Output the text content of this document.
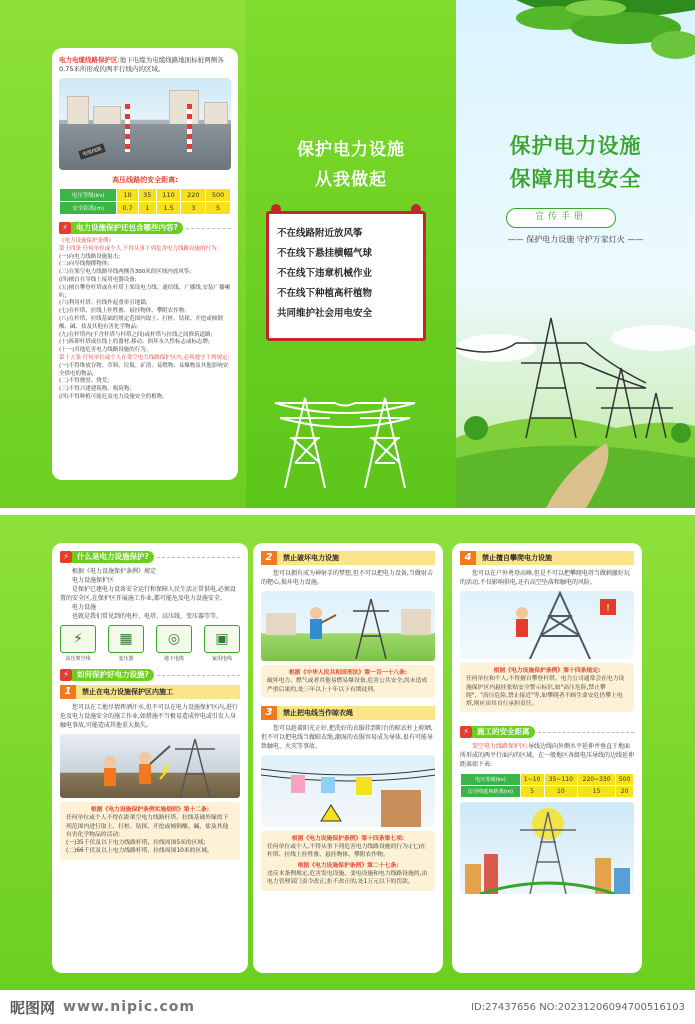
电力电缆线路保护区:地下电缆为电缆线路地面标桩两侧各0.75米所形成的两平行线内的区域。
电缆线路
高压线路的安全距离:
电压等级(kv)	10	35	110	220	500
安全距离(m)	0.7	1	1.5	3	5
⚡	电力设施保护还包含哪些内容?
《电力设施保护条例》
第十四条 任何单位或个人,不得从事下列危害电力线路设施的行为:
(一)向电力线路设施射击;
(二)向导线抛掷物体;
(三)在架空电力线路导线两侧各300米的区域内放风筝;
(四)擅自在导线上接用电器设备;
(五)擅自攀登杆塔或在杆塔上架设电力线、通信线、广播线,安装广播喇叭;
(六)利用杆塔、拉线作起重牵引地锚;
(七)在杆塔、拉线上拴牲畜、悬挂物体、攀附农作物;
(八)在杆塔、拉线基础的规定范围内取土、打桩、钻探、开挖或倾倒酸、碱、盐及其他有害化学物品;
(九)在杆塔内(不含杆塔与杆塔之间)或杆塔与拉线之间修筑道路;
(十)拆卸杆塔或拉线上的器材,移动、损坏永久性标志或标志牌;
(十一)其他危害电力线路设施的行为。
第十五条 任何单位或个人在架空电力线路保护区内,必须遵守下列规定:
(一)不得堆放谷物、草料、垃圾、矿渣、易燃物、易爆物及其他影响安全供电的物品;
(二)不得烧窑、烧荒;
(三)不得兴建建筑物、构筑物;
(四)不得种植可能危及电力设施安全的植物。
保护电力设施
从我做起
不在线路附近放风筝
不在线下悬挂横幅气球
不在线下违章机械作业
不在线下种植高杆植物
共同维护社会用电安全
保护电力设施
保障用电安全
宣传手册
—— 保护电力设施 守护万家灯火 ——
⚡	什么是电力设施保护?
根据《电力设施保护条例》规定
电力设施保护区
是保护已建电力设备安全运行和保障人民生活正常供电,必须设置的安全区,在保护区开展施工作业,都可能危及电力设施安全。
电力设施
也就是我们常见到的电杆、电塔、高压线、变压器等等。
⚡
高压架空线
▦
变压器
◎
地下电缆
▣
家用电线
⚡	如何保护好电力设施?
1	禁止在电力设施保护区内施工
您可以在工地尽情挥洒汗水,但不可以在电力设施保护区内,进行危及电力设施安全的施工作业,如措施不当极易造成停电或引发人身触电事故,可能造成其他重大损失。
根据《电力设施保护条例实施细则》第十二条:
任何单位或个人不得在距架空电力线路杆塔、拉线基础外缘的下列范围内进行取土、打桩、钻探、开挖或倾倒酸、碱、盐及其他有害化学物品的活动:
(一)35千伏及以下电力线路杆塔、拉线周围5米的区域;
(二)66千伏及以上电力线路杆塔、拉线周围10米的区域。
2	禁止破坏电力设施
您可以拥有成为神射手的梦想,但不可以把电力设备,当做射击的靶心,损坏电力设施。
根据《中华人民共和国刑法》第一百一十八条:
破坏电力、燃气或者其他易燃易爆设备,危害公共安全,尚未造成严重后果的,处三年以上十年以下有期徒刑。
3	禁止把电线当作晾衣绳
您可以趁着阳光正好,把洗好的衣服挂到阳台的晾衣杆上晾晒,但不可以把电线当做晾衣绳,潮湿的衣服容易成为导体,很有可能导致触电、火灾等事故。
根据《电力设施保护条例》第十四条第七项:
任何单位或个人,不得从事下列危害电力线路设施的行为:(七)在杆塔、拉线上拴牲畜、悬挂物体、攀附农作物。
根据《电力设施保护条例》第二十七条:
违反本条例规定,危害发电设施、变电设施和电力线路设施的,由电力管理部门责令改正;拒不改正的,处1万元以下的罚款。
4	禁止擅自攀爬电力设施
您可以在户外勇登高峰,但是不可以把攀爬电塔当做刺激好玩的活动,不仅影响供电,还有高空坠落和触电的风险。
!
根据《电力设施保护条例》第十四条规定:
任何单位和个人,不得擅自攀登杆塔。电力公司通常会在电力设施保护区内悬挂张贴安全警示标识,如"高压危险,禁止攀爬"、"高压危险,禁止接近"等,如攀爬者不顾生命安危仍攀上电塔,则应由其自行承担责任。
⚡	施工的安全距离
架空电力线路保护区:导线边线向外侧水平延伸并垂直于地面所形成的两平行面内的区域。在一般地区各级电压导线的边线延伸距离如下表:
电压等级(kv)	1~10	35~110	220~330	500
边导线延伸距离(m)	5	10	15	20
昵图网 www.nipic.com	ID:27437656 NO:20231206094700516103
